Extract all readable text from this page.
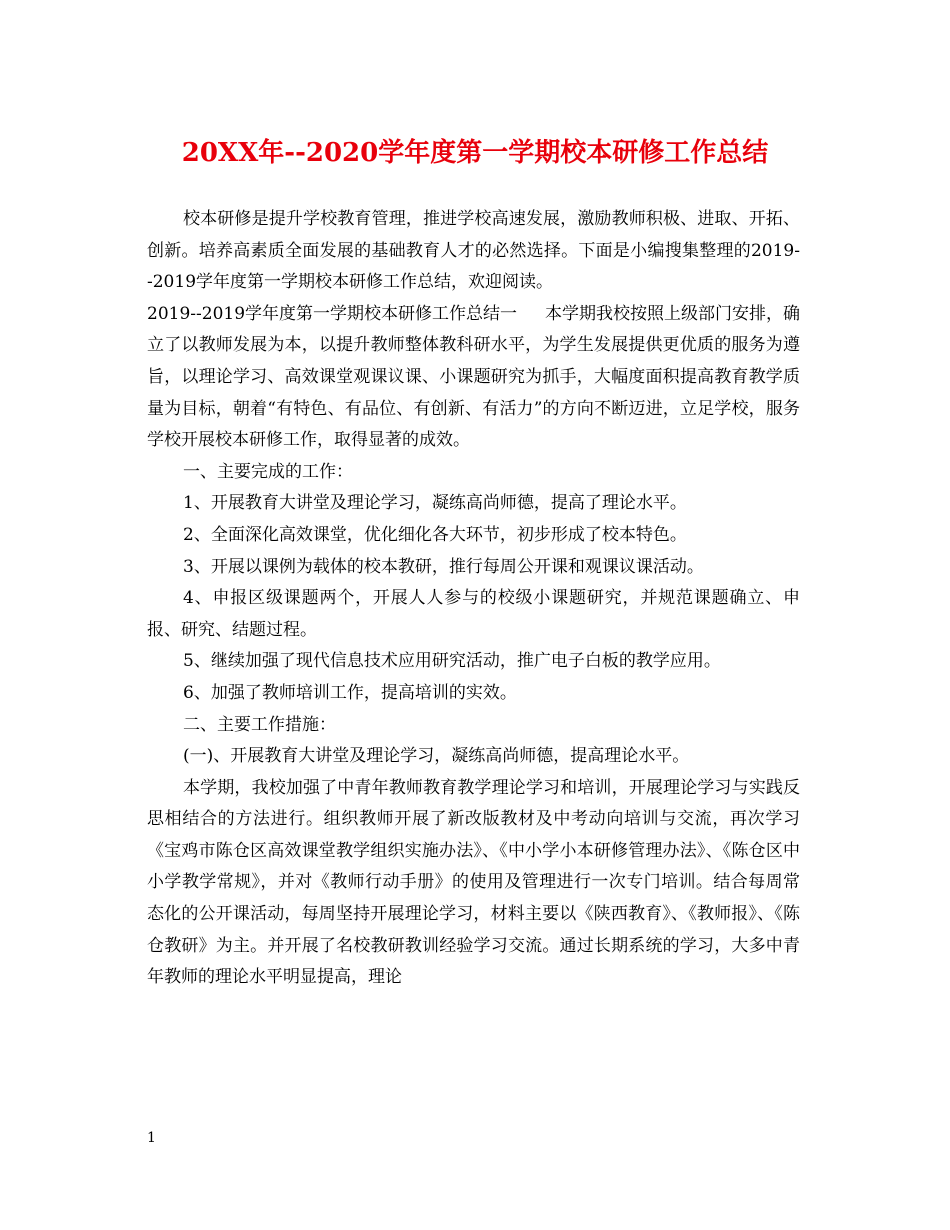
20XX年--2020学年度第一学期校本研修工作总结

校本研修是提升学校教育管理，推进学校高速发展，激励教师积极、进取、开拓、创新。培养高素质全面发展的基础教育人才的必然选择。下面是小编搜集整理的2019--2019学年度第一学期校本研修工作总结，欢迎阅读。

2019--2019学年度第一学期校本研修工作总结一 本学期我校按照上级部门安排，确立了以教师发展为本，以提升教师整体教科研水平，为学生发展提供更优质的服务为遵旨，以理论学习、高效课堂观课议课、小课题研究为抓手，大幅度面积提高教育教学质量为目标，朝着“有特色、有品位、有创新、有活力”的方向不断迈进，立足学校，服务学校开展校本研修工作，取得显著的成效。

一、主要完成的工作：

1、开展教育大讲堂及理论学习，凝练高尚师德，提高了理论水平。

2、全面深化高效课堂，优化细化各大环节，初步形成了校本特色。

3、开展以课例为载体的校本教研，推行每周公开课和观课议课活动。

4、申报区级课题两个，开展人人参与的校级小课题研究，并规范课题确立、申报、研究、结题过程。

5、继续加强了现代信息技术应用研究活动，推广电子白板的教学应用。

6、加强了教师培训工作，提高培训的实效。

二、主要工作措施：

(一)、开展教育大讲堂及理论学习，凝练高尚师德，提高理论水平。

本学期，我校加强了中青年教师教育教学理论学习和培训，开展理论学习与实践反思相结合的方法进行。组织教师开展了新改版教材及中考动向培训与交流，再次学习《宝鸡市陈仓区高效课堂教学组织实施办法》、《中小学小本研修管理办法》、《陈仓区中小学教学常规》，并对《教师行动手册》的使用及管理进行一次专门培训。结合每周常态化的公开课活动，每周坚持开展理论学习，材料主要以《陕西教育》、《教师报》、《陈仓教研》为主。并开展了名校教研教训经验学习交流。通过长期系统的学习，大多中青年教师的理论水平明显提高，理论

1
